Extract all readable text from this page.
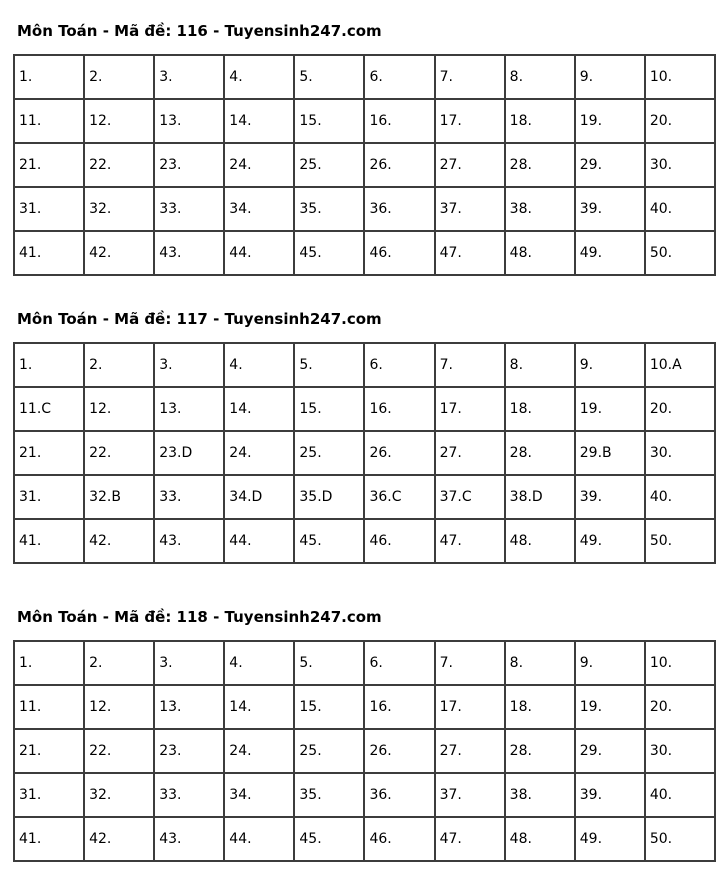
Môn Toán - Mã đề: 116 - Tuyensinh247.com
1.	2.	3.	4.	5.	6.	7.	8.	9.	10.
11.	12.	13.	14.	15.	16.	17.	18.	19.	20.
21.	22.	23.	24.	25.	26.	27.	28.	29.	30.
31.	32.	33.	34.	35.	36.	37.	38.	39.	40.
41.	42.	43.	44.	45.	46.	47.	48.	49.	50.
Môn Toán - Mã đề: 117 - Tuyensinh247.com
1.	2.	3.	4.	5.	6.	7.	8.	9.	10.A
11.C	12.	13.	14.	15.	16.	17.	18.	19.	20.
21.	22.	23.D	24.	25.	26.	27.	28.	29.B	30.
31.	32.B	33.	34.D	35.D	36.C	37.C	38.D	39.	40.
41.	42.	43.	44.	45.	46.	47.	48.	49.	50.
Môn Toán - Mã đề: 118 - Tuyensinh247.com
1.	2.	3.	4.	5.	6.	7.	8.	9.	10.
11.	12.	13.	14.	15.	16.	17.	18.	19.	20.
21.	22.	23.	24.	25.	26.	27.	28.	29.	30.
31.	32.	33.	34.	35.	36.	37.	38.	39.	40.
41.	42.	43.	44.	45.	46.	47.	48.	49.	50.
